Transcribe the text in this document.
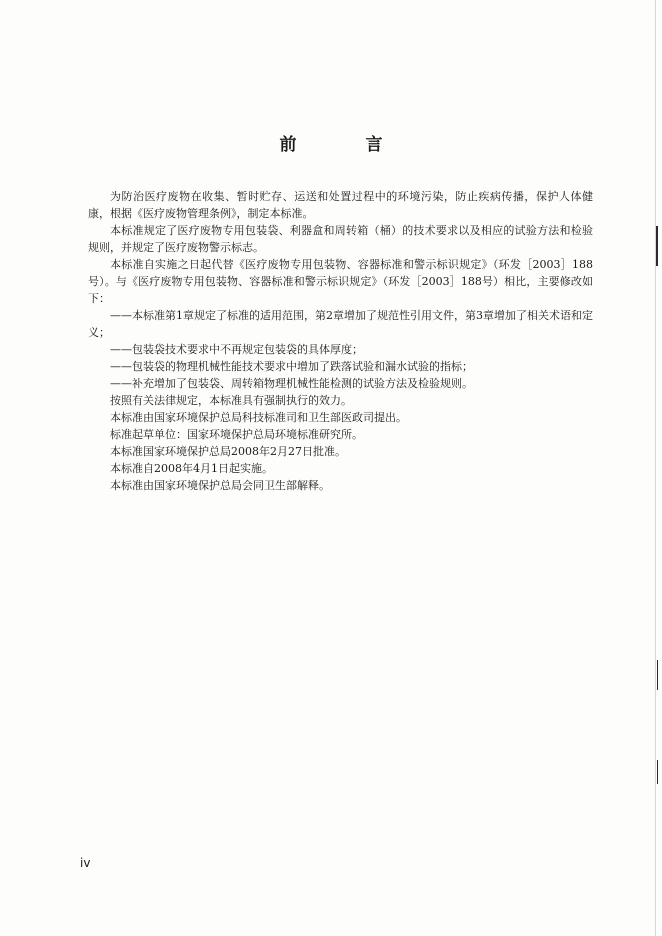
前　言

为防治医疗废物在收集、暂时贮存、运送和处置过程中的环境污染，防止疾病传播，保护人体健康，根据《医疗废物管理条例》，制定本标准。

本标准规定了医疗废物专用包装袋、利器盒和周转箱（桶）的技术要求以及相应的试验方法和检验规则，并规定了医疗废物警示标志。

本标准自实施之日起代替《医疗废物专用包装物、容器标准和警示标识规定》（环发［2003］188号）。与《医疗废物专用包装物、容器标准和警示标识规定》（环发［2003］188号）相比，主要修改如下：

——本标准第1章规定了标准的适用范围，第2章增加了规范性引用文件，第3章增加了相关术语和定义；

——包装袋技术要求中不再规定包装袋的具体厚度；

——包装袋的物理机械性能技术要求中增加了跌落试验和漏水试验的指标；

——补充增加了包装袋、周转箱物理机械性能检测的试验方法及检验规则。

按照有关法律规定，本标准具有强制执行的效力。

本标准由国家环境保护总局科技标准司和卫生部医政司提出。

标准起草单位：国家环境保护总局环境标准研究所。

本标准国家环境保护总局2008年2月27日批准。

本标准自2008年4月1日起实施。

本标准由国家环境保护总局会同卫生部解释。

iv
